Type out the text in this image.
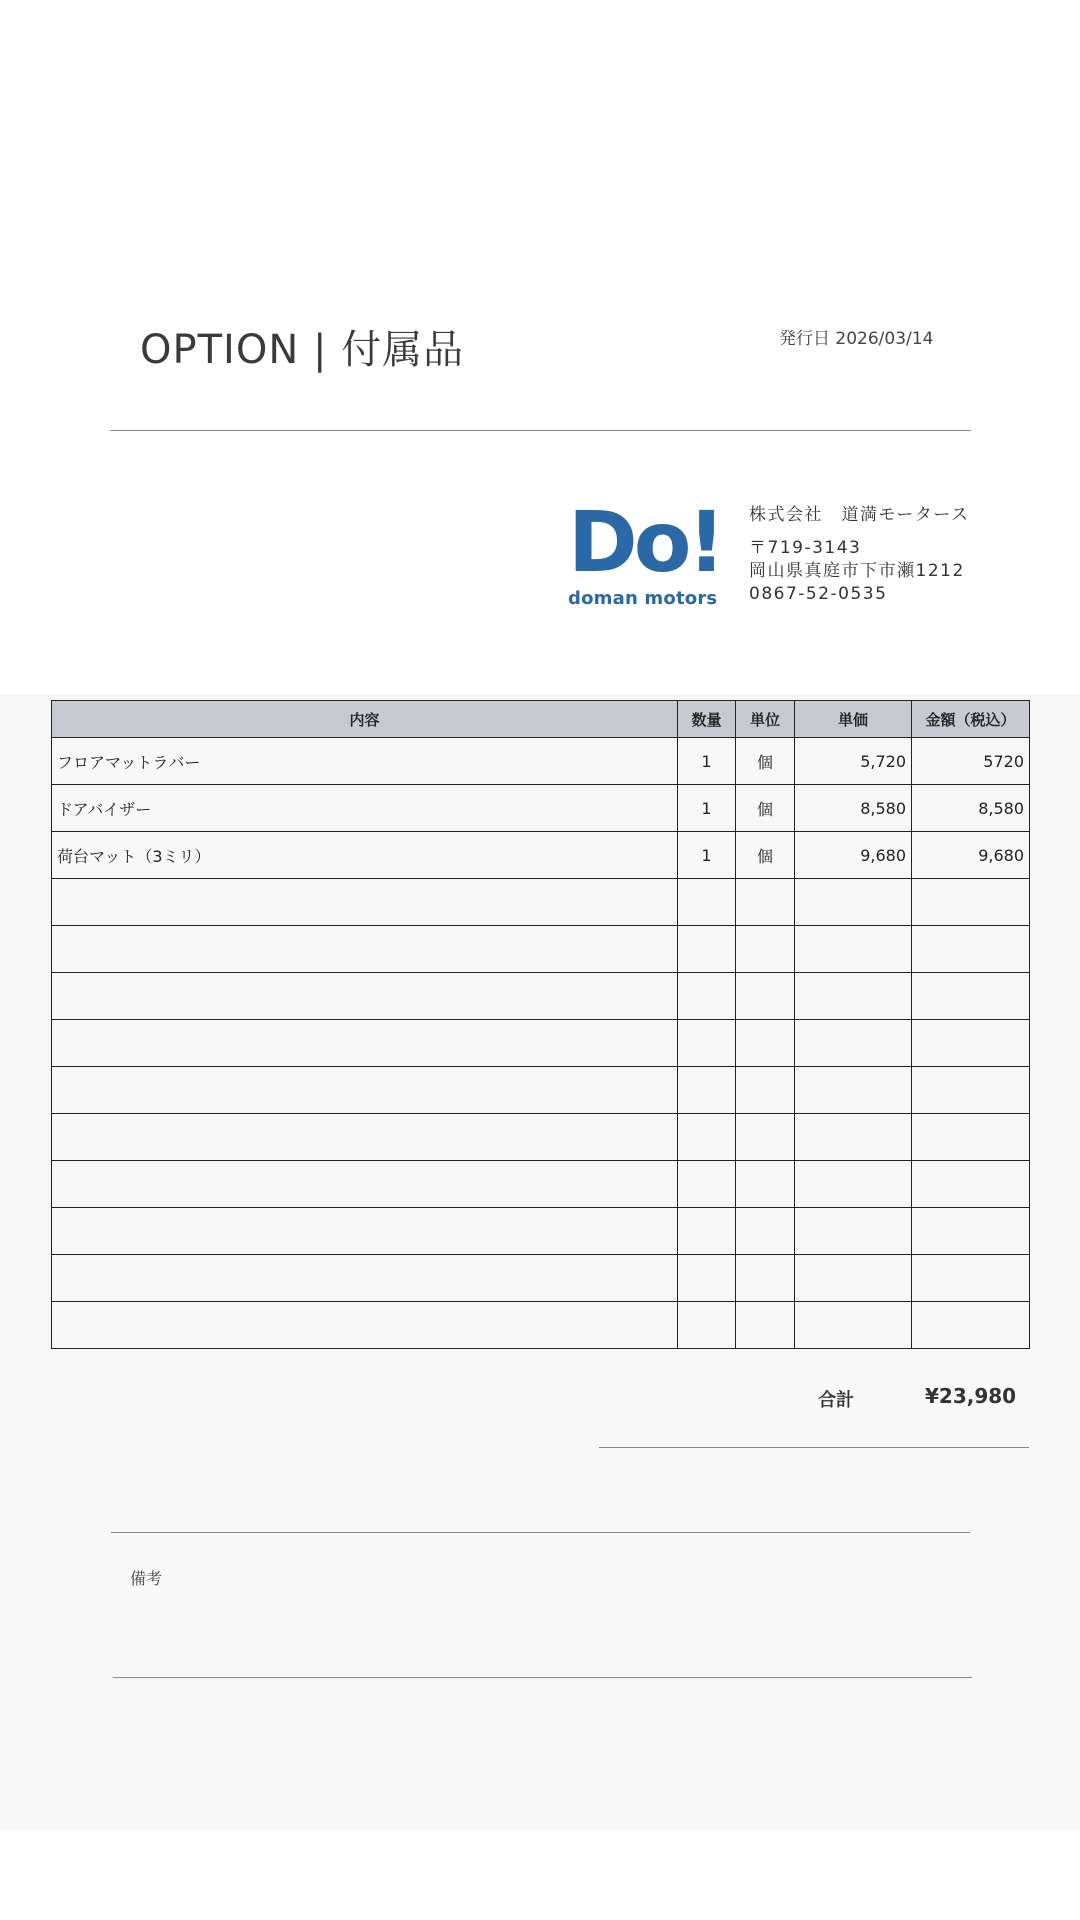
OPTION | 付属品	発行日 2026/03/14
Do!
doman motors
株式会社　道満モータース
〒719-3143
岡山県真庭市下市瀬1212
0867-52-0535
内容	数量	単位	単価	金額（税込）
フロアマットラバー	1	個	5,720	5720
ドアバイザー	1	個	8,580	8,580
荷台マット（3ミリ）	1	個	9,680	9,680

合計	¥23,980
備考
